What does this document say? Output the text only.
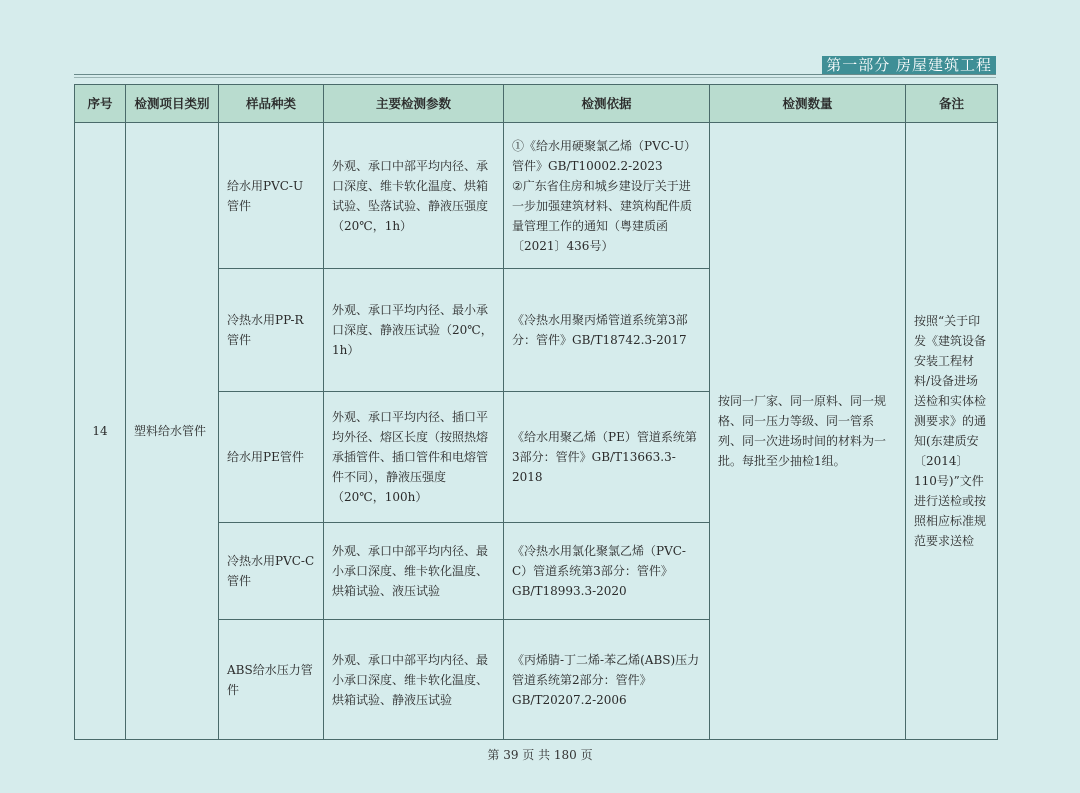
第一部分 房屋建筑工程
序号	检测项目类别	样品种类	主要检测参数	检测依据	检测数量	备注
14	塑料给水管件	给水用PVC-U管件	外观、承口中部平均内径、承口深度、维卡软化温度、烘箱试验、坠落试验、静液压强度（20℃，1h）	①《给水用硬聚氯乙烯（PVC-U）管件》GB/T10002.2-2023
②广东省住房和城乡建设厅关于进一步加强建筑材料、建筑构配件质量管理工作的通知（粤建质函〔2021〕436号）	按同一厂家、同一原料、同一规格、同一压力等级、同一管系列、同一次进场时间的材料为一批。每批至少抽检1组。	按照“关于印发《建筑设备安装工程材料/设备进场送检和实体检测要求》的通知(东建质安〔2014〕110号)”文件进行送检或按照相应标准规范要求送检
		冷热水用PP-R管件	外观、承口平均内径、最小承口深度、静液压试验（20℃，1h）	《冷热水用聚丙烯管道系统第3部分：管件》GB/T18742.3-2017		
		给水用PE管件	外观、承口平均内径、插口平均外径、熔区长度（按照热熔承插管件、插口管件和电熔管件不同），静液压强度（20℃，100h）	《给水用聚乙烯（PE）管道系统第3部分：管件》GB/T13663.3-2018		
		冷热水用PVC-C管件	外观、承口中部平均内径、最小承口深度、维卡软化温度、烘箱试验、液压试验	《冷热水用氯化聚氯乙烯（PVC-C）管道系统第3部分：管件》GB/T18993.3-2020		
		ABS给水压力管件	外观、承口中部平均内径、最小承口深度、维卡软化温度、烘箱试验、静液压试验	《丙烯腈-丁二烯-苯乙烯(ABS)压力管道系统第2部分：管件》GB/T20207.2-2006		
第 39 页 共 180 页
